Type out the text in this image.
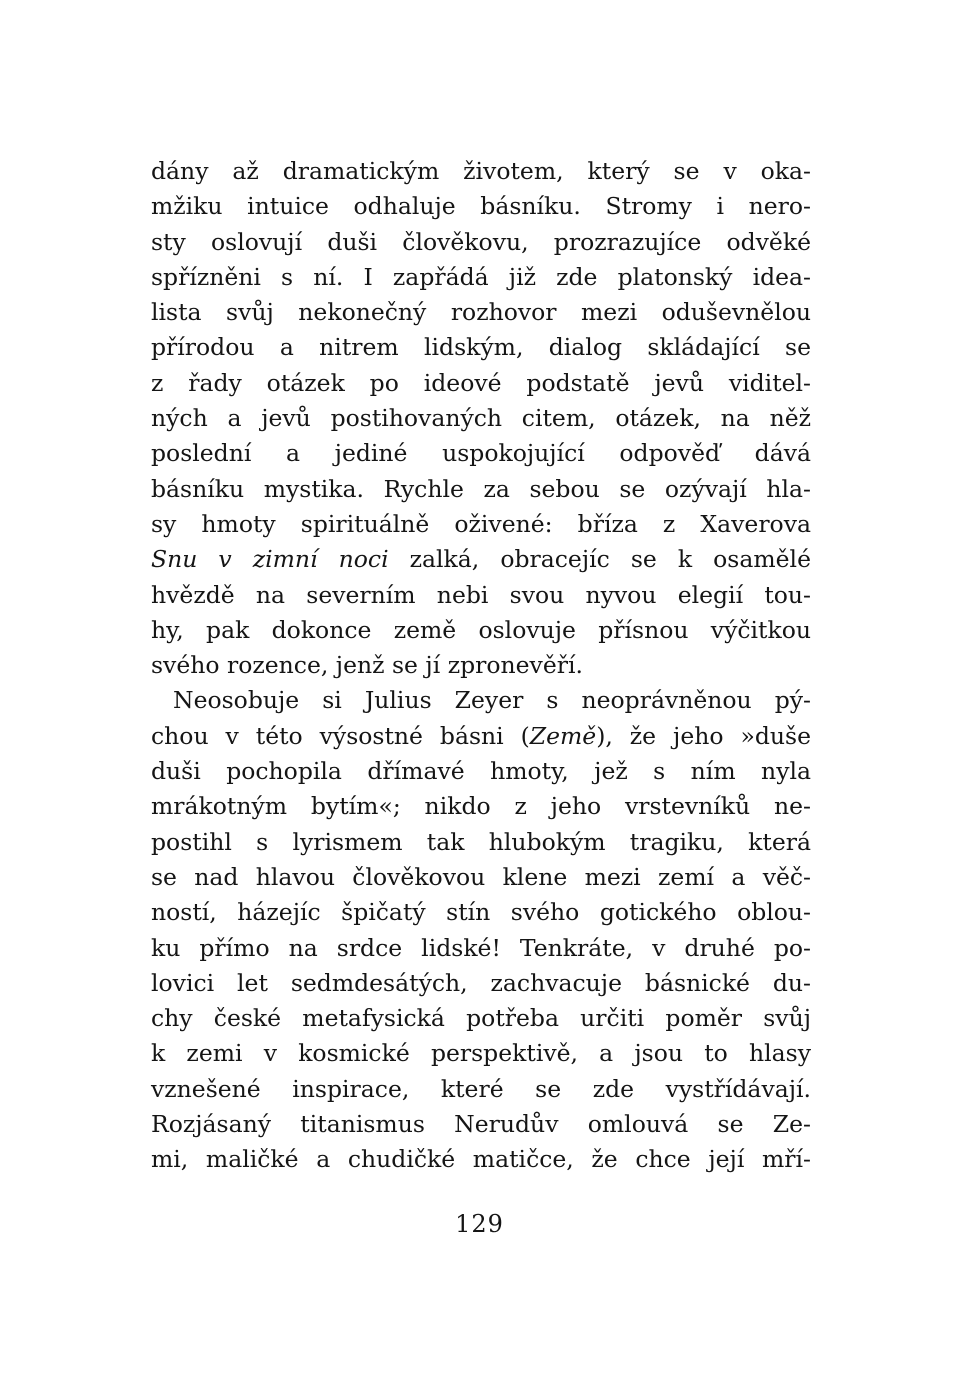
dány až dramatickým životem, který se v oka-
mžiku intuice odhaluje básníku. Stromy i nero-
sty oslovují duši člověkovu, prozrazujíce odvěké
spřízněni s ní. I zapřádá již zde platonský idea-
lista svůj nekonečný rozhovor mezi oduševnělou
přírodou a nitrem lidským, dialog skládající se
z řady otázek po ideové podstatě jevů viditel-
ných a jevů postihovaných citem, otázek, na něž
poslední a jediné uspokojující odpověď dává
básníku mystika. Rychle za sebou se ozývají hla-
sy hmoty spirituálně oživené: bříza z Xaverova
Snu v zimní noci zalká, obracejíc se k osamělé
hvězdě na severním nebi svou nyvou elegií tou-
hy, pak dokonce země oslovuje přísnou výčitkou
svého rozence, jenž se jí zpronevěří.
Neosobuje si Julius Zeyer s neoprávněnou pý-
chou v této výsostné básni (Země), že jeho »duše
duši pochopila dřímavé hmoty, jež s ním nyla
mrákotným bytím«; nikdo z jeho vrstevníků ne-
postihl s lyrismem tak hlubokým tragiku, která
se nad hlavou člověkovou klene mezi zemí a věč-
ností, házejíc špičatý stín svého gotického oblou-
ku přímo na srdce lidské! Tenkráte, v druhé po-
lovici let sedmdesátých, zachvacuje básnické du-
chy české metafysická potřeba určiti poměr svůj
k zemi v kosmické perspektivě, a jsou to hlasy
vznešené inspirace, které se zde vystřídávají.
Rozjásaný titanismus Nerudův omlouvá se Ze-
mi, maličké a chudičké matičce, že chce její mří-
129
